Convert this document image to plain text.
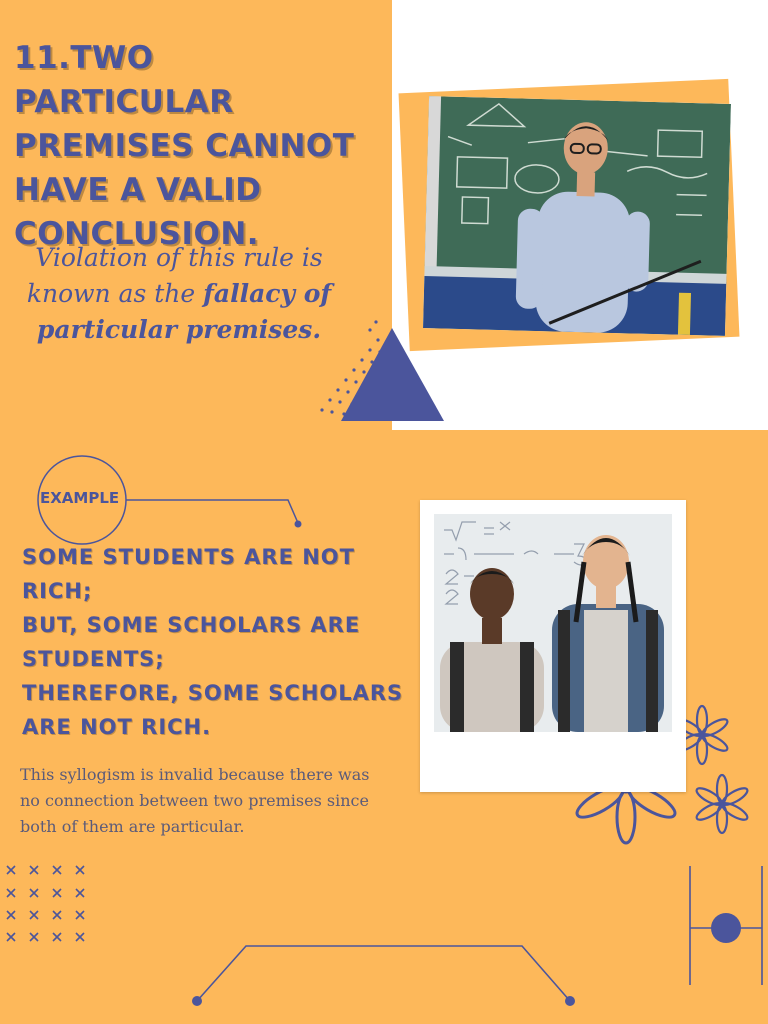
11.TWO PARTICULAR PREMISES CANNOT HAVE A VALID CONCLUSION.

Violation of this rule is known as the fallacy of particular premises.

EXAMPLE

SOME STUDENTS ARE NOT RICH;
BUT, SOME SCHOLARS ARE STUDENTS;
THEREFORE, SOME SCHOLARS ARE NOT RICH.

This syllogism is invalid because there was no connection between two premises since both of them are particular.
